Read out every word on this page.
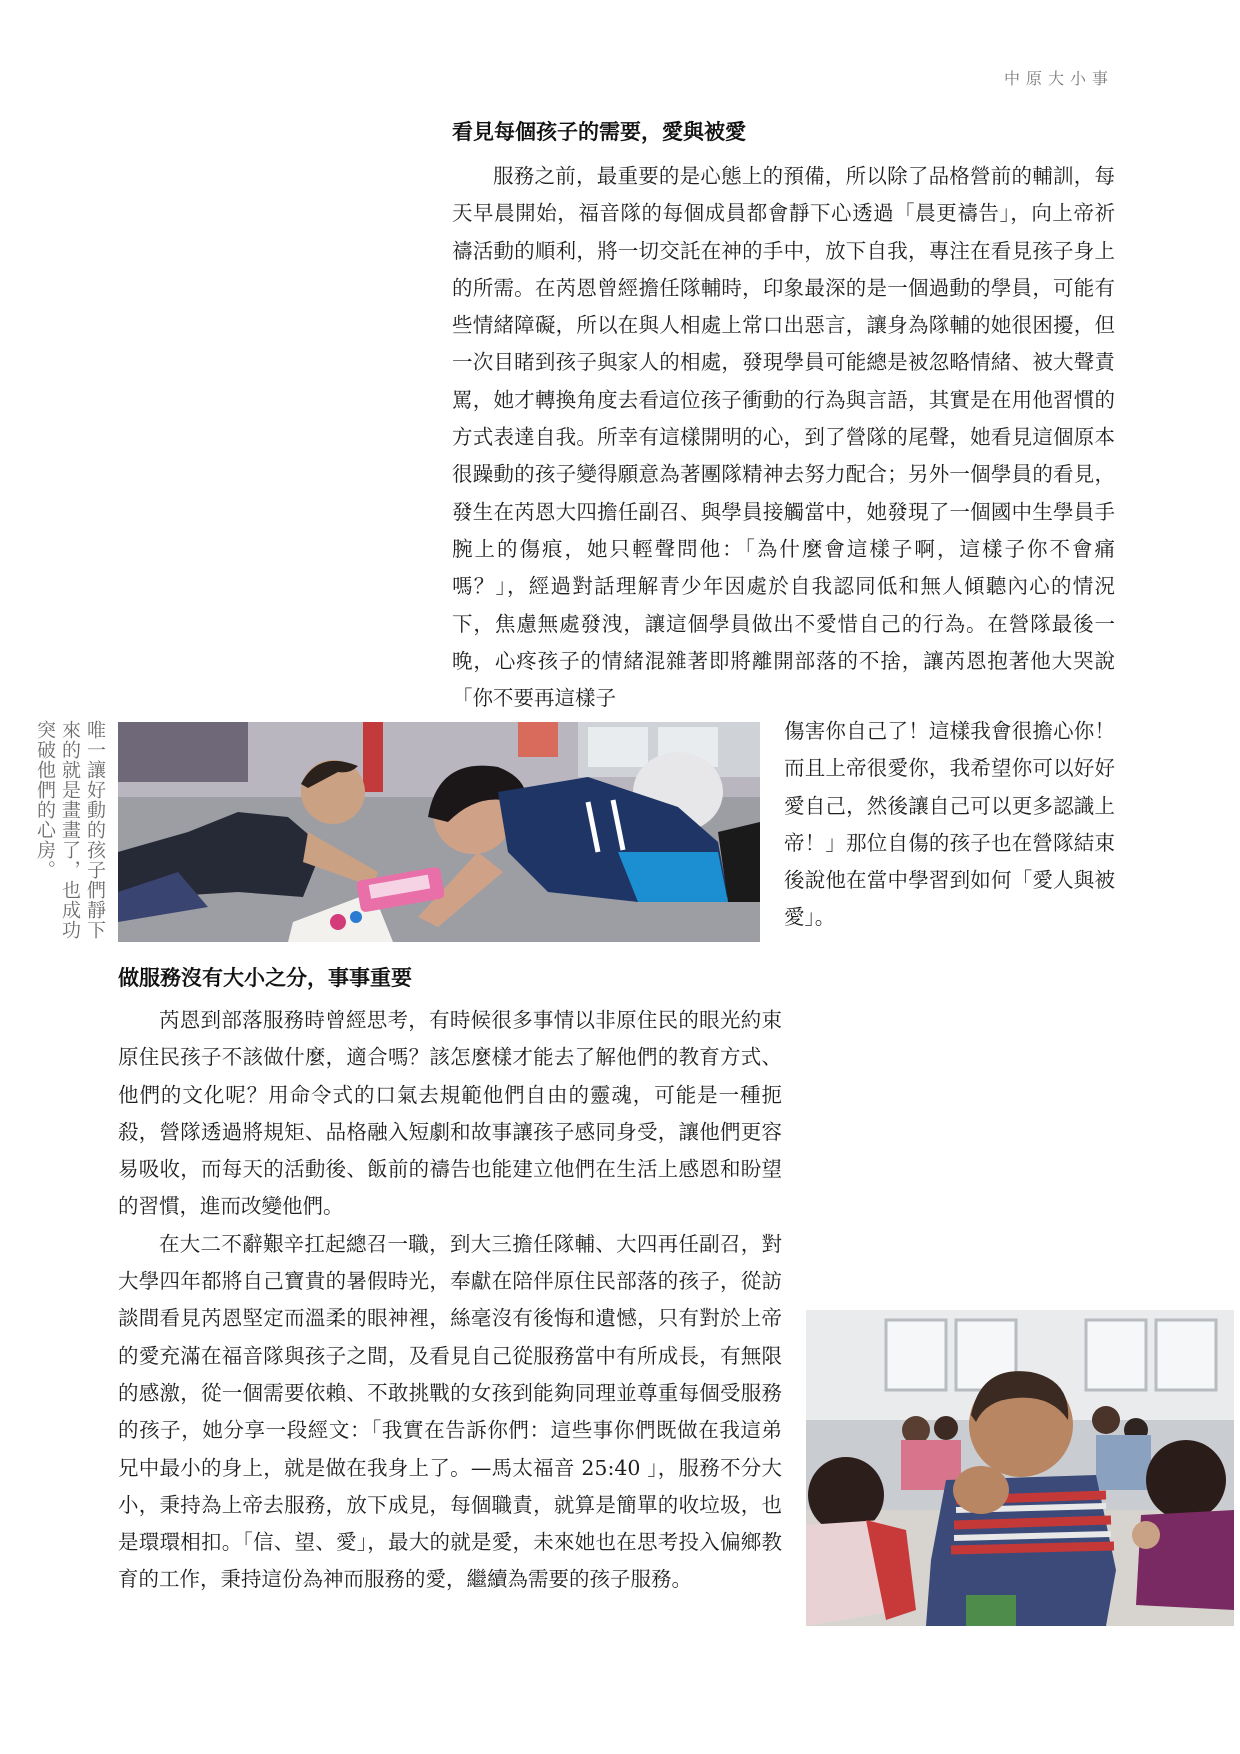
中原大小事
看見每個孩子的需要，愛與被愛

服務之前，最重要的是心態上的預備，所以除了品格營前的輔訓，每天早晨開始，福音隊的每個成員都會靜下心透過「晨更禱告」，向上帝祈禱活動的順利，將一切交託在神的手中，放下自我，專注在看見孩子身上的所需。在芮恩曾經擔任隊輔時，印象最深的是一個過動的學員，可能有些情緒障礙，所以在與人相處上常口出惡言，讓身為隊輔的她很困擾，但一次目睹到孩子與家人的相處，發現學員可能總是被忽略情緒、被大聲責罵，她才轉換角度去看這位孩子衝動的行為與言語，其實是在用他習慣的方式表達自我。所幸有這樣開明的心，到了營隊的尾聲，她看見這個原本很躁動的孩子變得願意為著團隊精神去努力配合；另外一個學員的看見，發生在芮恩大四擔任副召、與學員接觸當中，她發現了一個國中生學員手腕上的傷痕，她只輕聲問他：「為什麼會這樣子啊，這樣子你不會痛嗎？」，經過對話理解青少年因處於自我認同低和無人傾聽內心的情況下，焦慮無處發洩，讓這個學員做出不愛惜自己的行為。在營隊最後一晚，心疼孩子的情緒混雜著即將離開部落的不捨，讓芮恩抱著他大哭說「你不要再這樣子

傷害你自己了！這樣我會很擔心你！而且上帝很愛你，我希望你可以好好愛自己，然後讓自己可以更多認識上帝！」那位自傷的孩子也在營隊結束後說他在當中學習到如何「愛人與被愛」。

唯一讓好動的孩子們靜下來的就是畫畫了，也成功突破他們的心房。
做服務沒有大小之分，事事重要

芮恩到部落服務時曾經思考，有時候很多事情以非原住民的眼光約束原住民孩子不該做什麼，適合嗎？該怎麼樣才能去了解他們的教育方式、他們的文化呢？用命令式的口氣去規範他們自由的靈魂，可能是一種扼殺，營隊透過將規矩、品格融入短劇和故事讓孩子感同身受，讓他們更容易吸收，而每天的活動後、飯前的禱告也能建立他們在生活上感恩和盼望的習慣，進而改變他們。

在大二不辭艱辛扛起總召一職，到大三擔任隊輔、大四再任副召，對大學四年都將自己寶貴的暑假時光，奉獻在陪伴原住民部落的孩子，從訪談間看見芮恩堅定而溫柔的眼神裡，絲毫沒有後悔和遺憾，只有對於上帝的愛充滿在福音隊與孩子之間，及看見自己從服務當中有所成長，有無限的感激，從一個需要依賴、不敢挑戰的女孩到能夠同理並尊重每個受服務的孩子，她分享一段經文：「我實在告訴你們：這些事你們既做在我這弟兄中最小的身上，就是做在我身上了。—馬太福音 25:40 」，服務不分大小，秉持為上帝去服務，放下成見，每個職責，就算是簡單的收垃圾，也是環環相扣。「信、望、愛」，最大的就是愛，未來她也在思考投入偏鄉教育的工作，秉持這份為神而服務的愛，繼續為需要的孩子服務。
